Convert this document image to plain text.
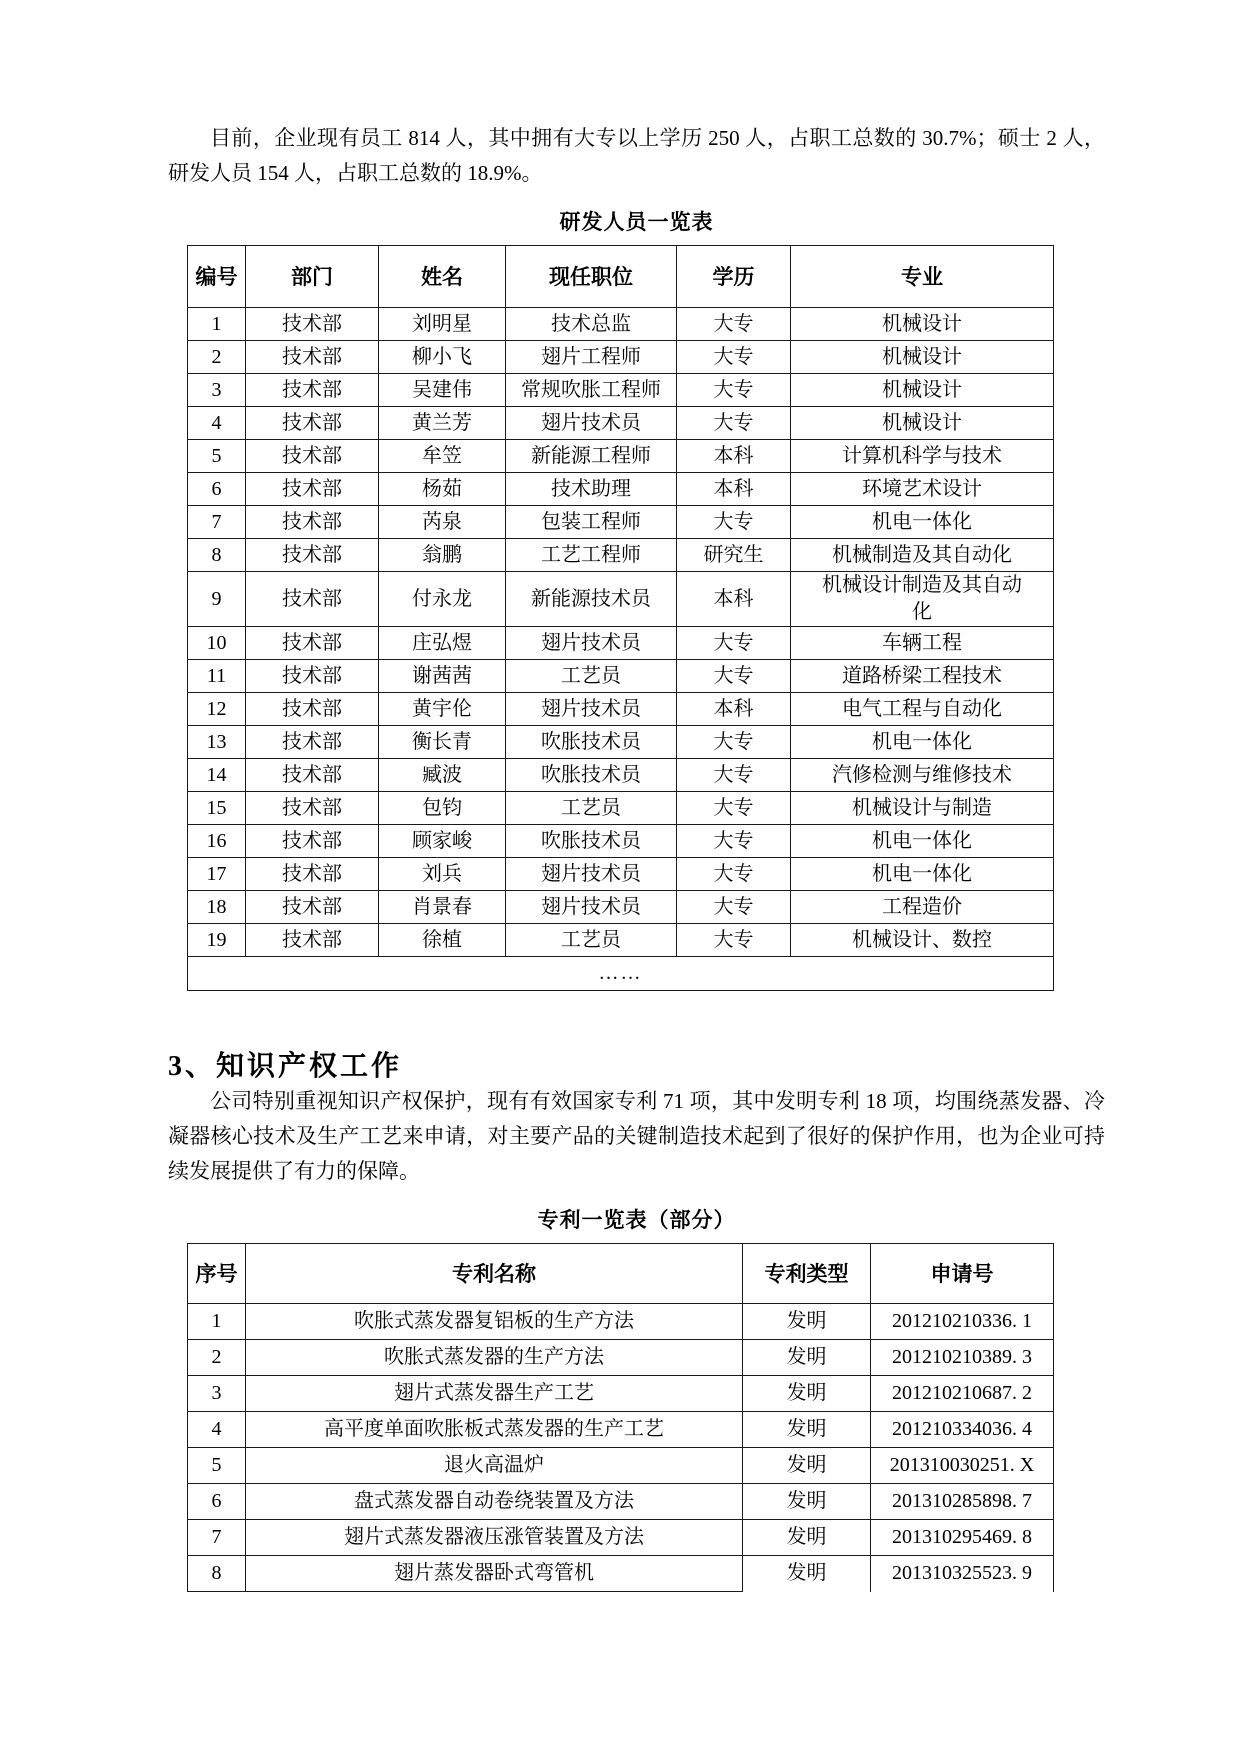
目前，企业现有员工 814 人，其中拥有大专以上学历 250 人，占职工总数的 30.7%；硕士 2 人，研发人员 154 人，占职工总数的 18.9%。

研发人员一览表
编号	部门	姓名	现任职位	学历	专业
1	技术部	刘明星	技术总监	大专	机械设计
2	技术部	柳小飞	翅片工程师	大专	机械设计
3	技术部	吴建伟	常规吹胀工程师	大专	机械设计
4	技术部	黄兰芳	翅片技术员	大专	机械设计
5	技术部	牟笠	新能源工程师	本科	计算机科学与技术
6	技术部	杨茹	技术助理	本科	环境艺术设计
7	技术部	芮泉	包装工程师	大专	机电一体化
8	技术部	翁鹏	工艺工程师	研究生	机械制造及其自动化
9	技术部	付永龙	新能源技术员	本科	机械设计制造及其自动化
10	技术部	庄弘煜	翅片技术员	大专	车辆工程
11	技术部	谢茜茜	工艺员	大专	道路桥梁工程技术
12	技术部	黄宇伦	翅片技术员	本科	电气工程与自动化
13	技术部	衡长青	吹胀技术员	大专	机电一体化
14	技术部	臧波	吹胀技术员	大专	汽修检测与维修技术
15	技术部	包钧	工艺员	大专	机械设计与制造
16	技术部	顾家峻	吹胀技术员	大专	机电一体化
17	技术部	刘兵	翅片技术员	大专	机电一体化
18	技术部	肖景春	翅片技术员	大专	工程造价
19	技术部	徐植	工艺员	大专	机械设计、数控
……					
3、知识产权工作

公司特别重视知识产权保护，现有有效国家专利 71 项，其中发明专利 18 项，均围绕蒸发器、冷凝器核心技术及生产工艺来申请，对主要产品的关键制造技术起到了很好的保护作用，也为企业可持续发展提供了有力的保障。

专利一览表（部分）
序号	专利名称	专利类型	申请号
1	吹胀式蒸发器复铝板的生产方法	发明	201210210336. 1
2	吹胀式蒸发器的生产方法	发明	201210210389. 3
3	翅片式蒸发器生产工艺	发明	201210210687. 2
4	高平度单面吹胀板式蒸发器的生产工艺	发明	201210334036. 4
5	退火高温炉	发明	201310030251. X
6	盘式蒸发器自动卷绕装置及方法	发明	201310285898. 7
7	翅片式蒸发器液压涨管装置及方法	发明	201310295469. 8
8	翅片蒸发器卧式弯管机	发明	201310325523. 9
